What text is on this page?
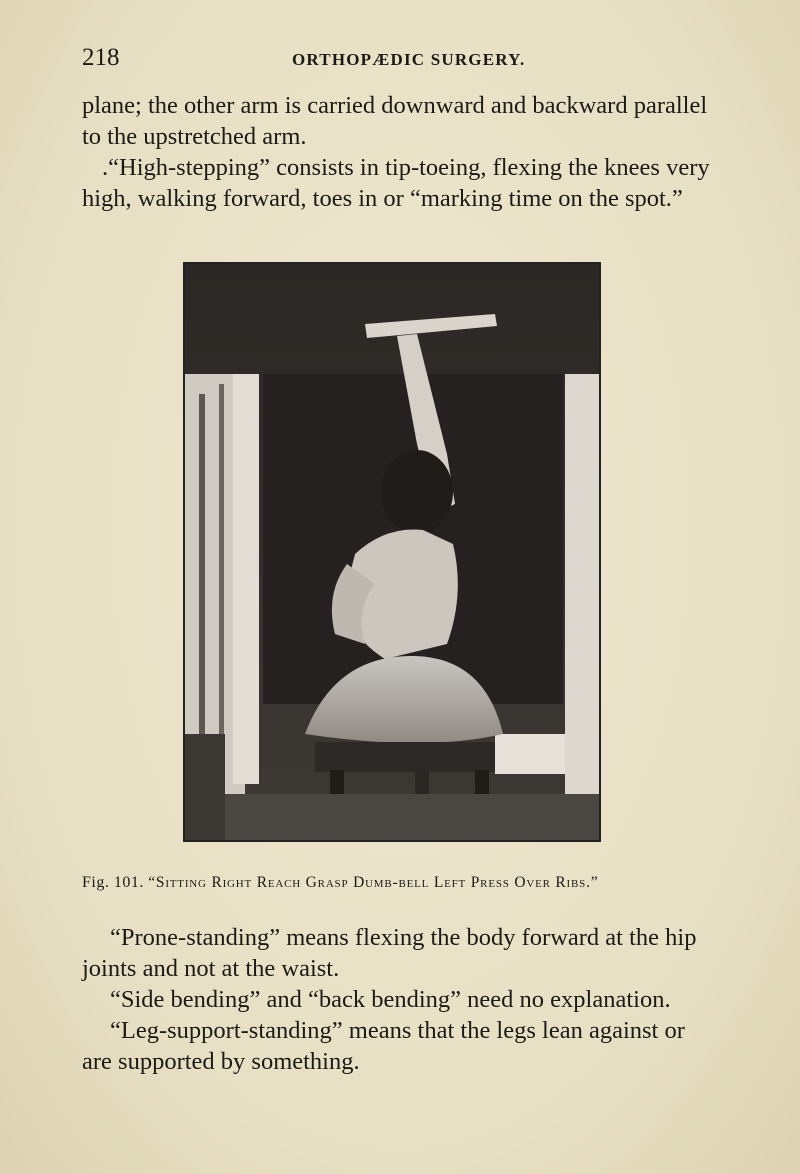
218	ORTHOPÆDIC SURGERY.

plane; the other arm is carried downward and backward parallel to the upstretched arm.

.“High-stepping” consists in tip-toeing, flexing the knees very high, walking forward, toes in or “marking time on the spot.”

Fig. 101. “Sitting Right Reach Grasp Dumb-bell Left Press Over Ribs.”

“Prone-standing” means flexing the body forward at the hip joints and not at the waist.

“Side bending” and “back bending” need no explanation.

“Leg-support-standing” means that the legs lean against or are supported by something.
